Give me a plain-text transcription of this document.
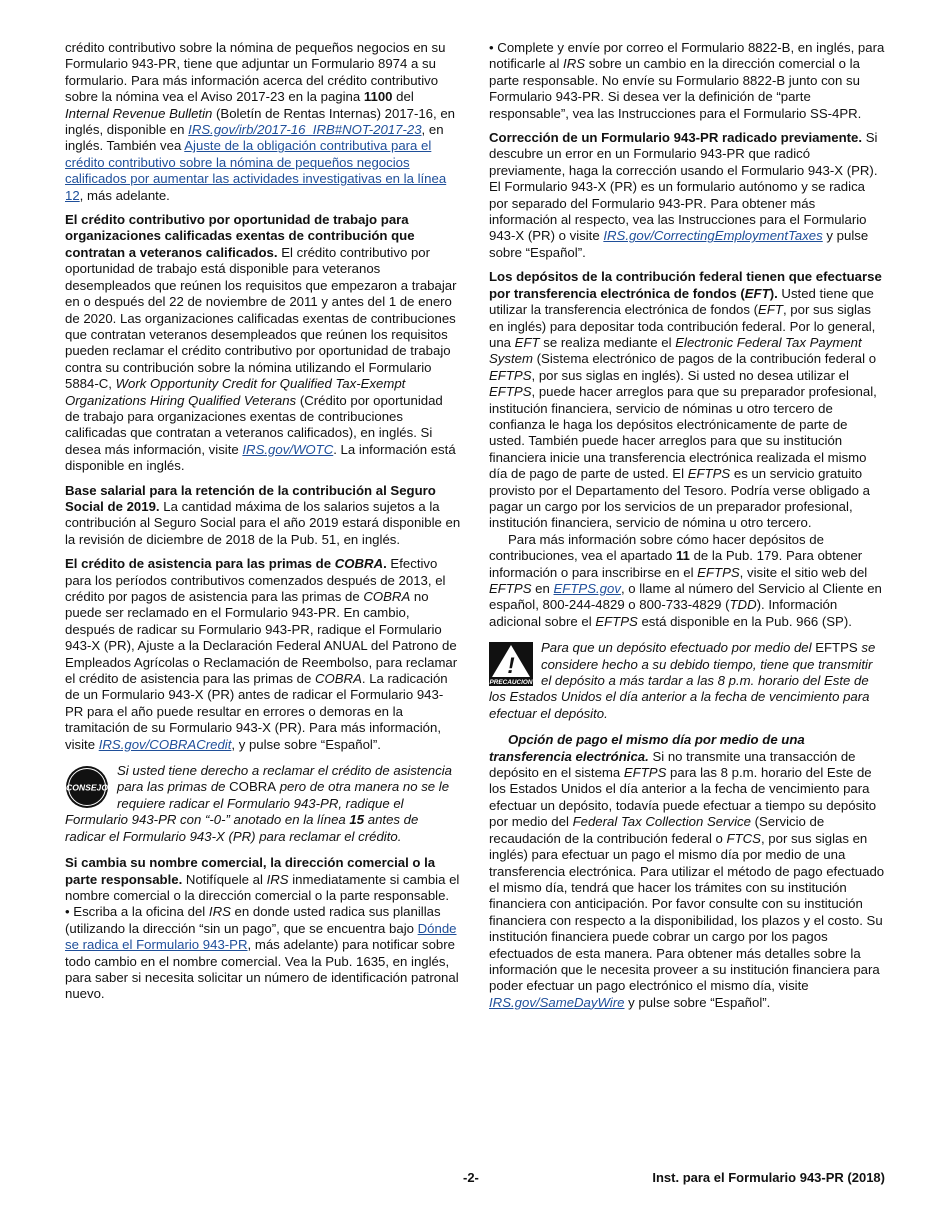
crédito contributivo sobre la nómina de pequeños negocios en su Formulario 943-PR, tiene que adjuntar un Formulario 8974 a su formulario. Para más información acerca del crédito contributivo sobre la nómina vea el Aviso 2017-23 en la pagina 1100 del Internal Revenue Bulletin (Boletín de Rentas Internas) 2017-16, en inglés, disponible en IRS.gov/irb/2017-16_IRB#NOT-2017-23, en inglés. También vea Ajuste de la obligación contributiva para el crédito contributivo sobre la nómina de pequeños negocios calificados por aumentar las actividades investigativas en la línea 12, más adelante.

El crédito contributivo por oportunidad de trabajo para organizaciones calificadas exentas de contribución que contratan a veteranos calificados. El crédito contributivo por oportunidad de trabajo está disponible para veteranos desempleados que reúnen los requisitos que empezaron a trabajar en o después del 22 de noviembre de 2011 y antes del 1 de enero de 2020. Las organizaciones calificadas exentas de contribuciones que contratan veteranos desempleados que reúnen los requisitos pueden reclamar el crédito contributivo por oportunidad de trabajo contra su contribución sobre la nómina utilizando el Formulario 5884-C, Work Opportunity Credit for Qualified Tax-Exempt Organizations Hiring Qualified Veterans (Crédito por oportunidad de trabajo para organizaciones exentas de contribuciones calificadas que contratan a veteranos calificados), en inglés. Si desea más información, visite IRS.gov/WOTC. La información está disponible en inglés.

Base salarial para la retención de la contribución al Seguro Social de 2019. La cantidad máxima de los salarios sujetos a la contribución al Seguro Social para el año 2019 estará disponible en la revisión de diciembre de 2018 de la Pub. 51, en inglés.

El crédito de asistencia para las primas de COBRA. Efectivo para los períodos contributivos comenzados después de 2013, el crédito por pagos de asistencia para las primas de COBRA no puede ser reclamado en el Formulario 943-PR. En cambio, después de radicar su Formulario 943-PR, radique el Formulario 943-X (PR), Ajuste a la Declaración Federal ANUAL del Patrono de Empleados Agrícolas o Reclamación de Reembolso, para reclamar el crédito de asistencia para las primas de COBRA. La radicación de un Formulario 943-X (PR) antes de radicar el Formulario 943-PR para el año puede resultar en errores o demoras en la tramitación de su Formulario 943-X (PR). Para más información, visite IRS.gov/COBRACredit, y pulse sobre “Español”.

CONSEJO
Si usted tiene derecho a reclamar el crédito de asistencia para las primas de COBRA pero de otra manera no se le requiere radicar el Formulario 943-PR, radique el Formulario 943-PR con “-0-” anotado en la línea 15 antes de radicar el Formulario 943-X (PR) para reclamar el crédito.

Si cambia su nombre comercial, la dirección comercial o la parte responsable. Notifíquele al IRS inmediatamente si cambia el nombre comercial o la dirección comercial o la parte responsable.

• Escriba a la oficina del IRS en donde usted radica sus planillas (utilizando la dirección “sin un pago”, que se encuentra bajo Dónde se radica el Formulario 943-PR, más adelante) para notificar sobre todo cambio en el nombre comercial. Vea la Pub. 1635, en inglés, para saber si necesita solicitar un número de identificación patronal nuevo.

• Complete y envíe por correo el Formulario 8822-B, en inglés, para notificarle al IRS sobre un cambio en la dirección comercial o la parte responsable. No envíe su Formulario 8822-B junto con su Formulario 943-PR. Si desea ver la definición de “parte responsable”, vea las Instrucciones para el Formulario SS-4PR.

Corrección de un Formulario 943-PR radicado previamente. Si descubre un error en un Formulario 943-PR que radicó previamente, haga la corrección usando el Formulario 943-X (PR). El Formulario 943-X (PR) es un formulario autónomo y se radica por separado del Formulario 943-PR. Para obtener más información al respecto, vea las Instrucciones para el Formulario 943-X (PR) o visite IRS.gov/CorrectingEmploymentTaxes y pulse sobre “Español”.

Los depósitos de la contribución federal tienen que efectuarse por transferencia electrónica de fondos (EFT). Usted tiene que utilizar la transferencia electrónica de fondos (EFT, por sus siglas en inglés) para depositar toda contribución federal. Por lo general, una EFT se realiza mediante el Electronic Federal Tax Payment System (Sistema electrónico de pagos de la contribución federal o EFTPS, por sus siglas en inglés). Si usted no desea utilizar el EFTPS, puede hacer arreglos para que su preparador profesional, institución financiera, servicio de nóminas u otro tercero de confianza le haga los depósitos electrónicamente de parte de usted. También puede hacer arreglos para que su institución financiera inicie una transferencia electrónica realizada el mismo día de pago de parte de usted. El EFTPS es un servicio gratuito provisto por el Departamento del Tesoro. Podría verse obligado a pagar un cargo por los servicios de un preparador profesional, institución financiera, servicio de nómina u otro tercero.

Para más información sobre cómo hacer depósitos de contribuciones, vea el apartado 11 de la Pub. 179. Para obtener información o para inscribirse en el EFTPS, visite el sitio web del EFTPS en EFTPS.gov, o llame al número del Servicio al Cliente en español, 800-244-4829 o 800-733-4829 (TDD). Información adicional sobre el EFTPS está disponible en la Pub. 966 (SP).

!
PRECAUCION
Para que un depósito efectuado por medio del EFTPS se considere hecho a su debido tiempo, tiene que transmitir el depósito a más tardar a las 8 p.m. horario del Este de los Estados Unidos el día anterior a la fecha de vencimiento para efectuar el depósito.

Opción de pago el mismo día por medio de una transferencia electrónica. Si no transmite una transacción de depósito en el sistema EFTPS para las 8 p.m. horario del Este de los Estados Unidos el día anterior a la fecha de vencimiento para efectuar un depósito, todavía puede efectuar a tiempo su depósito por medio del Federal Tax Collection Service (Servicio de recaudación de la contribución federal o FTCS, por sus siglas en inglés) para efectuar un pago el mismo día por medio de una transferencia electrónica. Para utilizar el método de pago efectuado el mismo día, tendrá que hacer los trámites con su institución financiera con anticipación. Por favor consulte con su institución financiera con respecto a la disponibilidad, los plazos y el costo. Su institución financiera puede cobrar un cargo por los pagos efectuados de esta manera. Para obtener más detalles sobre la información que le necesita proveer a su institución financiera para poder efectuar un pago electrónico el mismo día, visite IRS.gov/SameDayWire y pulse sobre “Español”.

-2-	Inst. para el Formulario 943-PR (2018)
